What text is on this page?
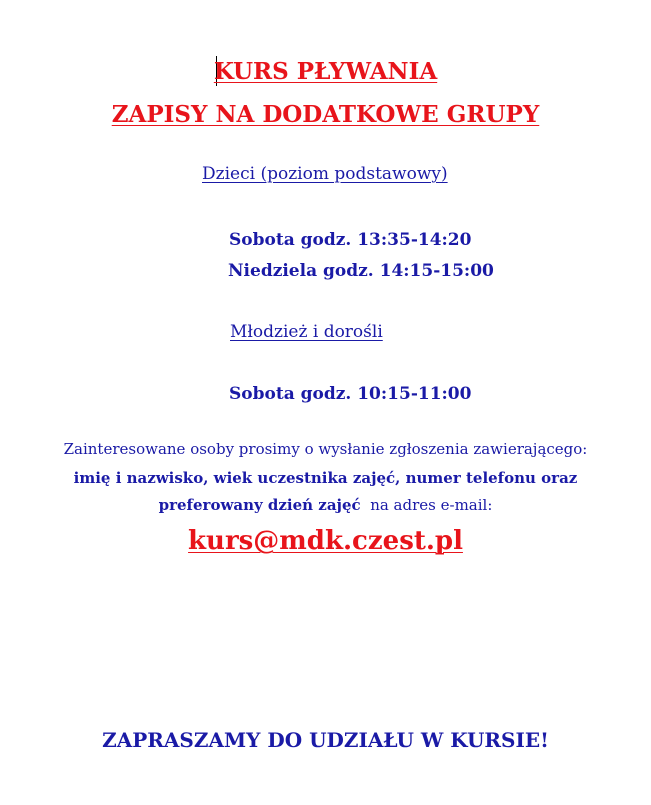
KURS PŁYWANIA
ZAPISY NA DODATKOWE GRUPY
Dzieci (poziom podstawowy)
Sobota godz. 13:35-14:20
Niedziela godz. 14:15-15:00
Młodzież i dorośli
Sobota godz. 10:15-11:00
Zainteresowane osoby prosimy o wysłanie zgłoszenia zawierającego:
imię i nazwisko, wiek uczestnika zajęć, numer telefonu oraz
preferowany dzień zajęć na adres e-mail:
kurs@mdk.czest.pl
ZAPRASZAMY DO UDZIAŁU W KURSIE!
